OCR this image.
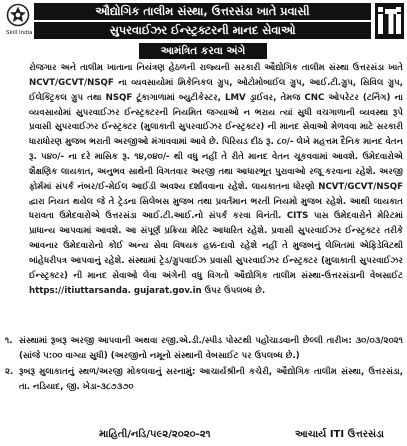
Skill India
ઔદ્યોગિક તાલીમ સંસ્થા, ઉત્તરસંડા ખાતે પ્રવાસી
સુપરવાઈઝર ઈન્સ્ટ્રક્ટરની માનદ સેવાઓ
આમંત્રિત કરવા અંગે
રોજગાર અને તાલીમ ખાતાના નિયંત્રણ હેઠળની રાજ્યની સરકારી ઔદ્યોગિક તાલીમ સંસ્થા ઉત્તરસંડા ખાતે NCVT/GCVT/NSQF ના વ્યવસાયોમાં મિકેનિકલ ગ્રુપ, ઓટોમોબાઈલ ગ્રુપ, આઈ.ટી.ગ્રુપ, સિવિલ ગ્રુપ, ઈલેક્ટ્રિકલ ગ્રુપ તથા NSQF ટૂંકાગાળામાં બ્યુટીકેસ્ટર, LMV ડ્રાઈવર, તેમજ CNC ઓપરેટર (ટર્નિંગ) ના વ્યવસાયોમાં સુપરવાઈઝર ઈન્સ્ટ્રક્ટરની નિયમિત જગ્યાઓ ન ભરાય ત્યાં સુધી વચગાળાની વ્યવસ્થા રૂપે પ્રવાસી સુપરવાઈઝર ઈન્સ્ટ્રક્ટર (મુલાકાતી સુપરવાઈઝર ઈન્સ્ટ્રક્ટર) ની માનદ સેવાઓ મેળવવા માટે સરકારી ધારાધોરણ મુજબ ભરાતી અરજીઓ મંગાવવામાં આવે છે. પિરિયડ દીઠ રૂ. ૮૦/- લેખે મહત્તમ દૈનિક માનદ વેતન રૂ. ૫૪૦/- ના દરે માસિક રૂ. ૧૪,૦૪૦/- થી વધુ નહીં તે રીતે માનદ વેતન ચૂકવવામાં આવશે. ઉમેદવારોએ શૈક્ષણિક લાયકાત, અનુભવ સાથેની વિગતવાર અરજી તથા આધારભૂત પુરાવાઓ રજૂ કરવાના રહેશે. અરજી ફોર્મમાં સંપર્ક નંબર/ઈ-મેઈલ આઈડી અવશ્ય દર્શાવવાના રહેશે. લાયકાતના ધોરણો NCVT/GCVT/NSQF દ્વારા નિયત થયેલ જે તે ટ્રેડના સિલેબસ મુજબ તથા પ્રવર્તમાન ભરતી નિયમો મુજબ રહેશે. આથી લાયકાત ધરાવતા ઉમેદવારોએ ઉત્તરસંડા આઈ.ટી.આઈ.નો સંપર્ક કરવા વિનંતી. CITS પાસ ઉમેદવારોને મેરિટમાં પ્રાધાન્ય આપવામાં આવશે. આ સંપૂર્ણ પ્રક્રિયા મેરિટ આધારિત રહેશે. પ્રવાસી સુપરવાઈઝર ઈન્સ્ટ્રક્ટર તરીકે આવનાર ઉમેદવારોનો કોઈ અન્ય સેવા વિષયક હક્ક-દાવો રહેશે નહીં તે મુજબનું લેખિતમાં એફિડેવિટથી બાંહેધરીપત્ર આપવાનું રહેશે. સંસ્થામાં ટ્રેડ/ગ્રુપવાઈઝ પ્રવાસી સુપરવાઈઝર ઈન્સ્ટ્રક્ટર (મુલાકાતી સુપરવાઈઝર ઈન્સ્ટ્રક્ટર) ની માનદ સેવાઓ લેવા અંગેની વધુ વિગતો ઔદ્યોગિક તાલીમ સંસ્થા-ઉત્તરસંડાની વેબસાઈટ https://itiuttarsanda. gujarat.gov.in ઉપર ઉપલબ્ધ છે.
૧. સંસ્થામાં રૂબરૂ અરજી આપવાની અથવા રજી.એ.ડી./સ્પીડ પોસ્ટથી પહોંચાડવાની છેલ્લી તારીખ: ૩૦/૦૩/૨૦૨૧ (સાંજે ૫:૦૦ વાગ્યા સુધી) (અરજીનો નમૂનો સંસ્થાની વેબસાઈટ પર ઉપલબ્ધ છે.)
૨. રૂબરૂ મુલાકાતનું સ્થળ/અરજી મોકલવાનું સરનામું: આચાર્યશ્રીની કચેરી, ઔદ્યોગિક તાલીમ સંસ્થા, ઉત્તરસંડા, તા. નડિયાદ, જી. ખેડા-૩૮૭૩૭૦
માહિતી/નડિ/૫૯૨/૨૦૨૦-૨૧	આચાર્ય ITI ઉત્તરસંડા
